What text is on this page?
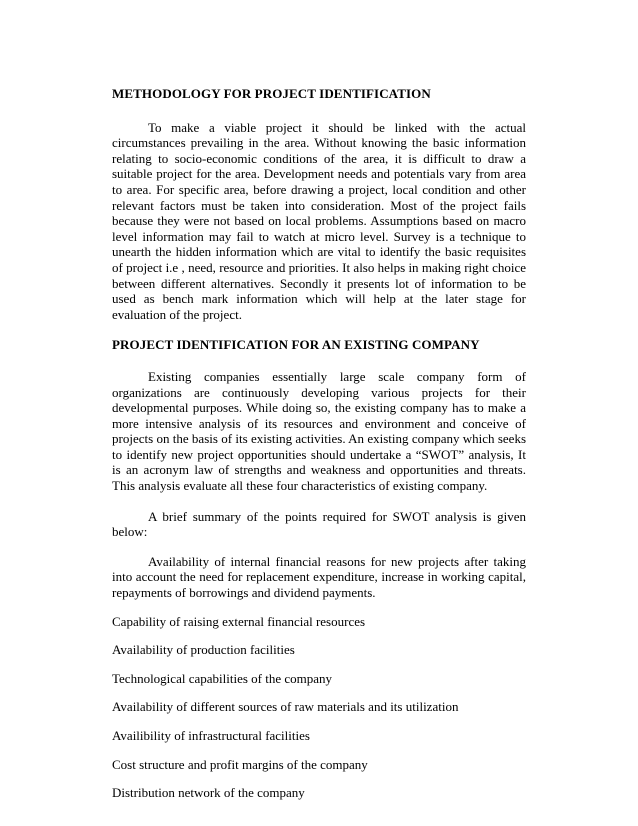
METHODOLOGY FOR PROJECT IDENTIFICATION

To make a viable project it should be linked with the actual circumstances prevailing in the area. Without knowing the basic information relating to socio-economic conditions of the area, it is difficult to draw a suitable project for the area. Development needs and potentials vary from area to area. For specific area, before drawing a project, local condition and other relevant factors must be taken into consideration. Most of the project fails because they were not based on local problems. Assumptions based on macro level information may fail to watch at micro level. Survey is a technique to unearth the hidden information which are vital to identify the basic requisites of project i.e , need, resource and priorities. It also helps in making right choice between different alternatives. Secondly it presents lot of information to be used as bench mark information which will help at the later stage for evaluation of the project.

PROJECT IDENTIFICATION FOR AN EXISTING COMPANY

Existing companies essentially large scale company form of organizations are continuously developing various projects for their developmental purposes. While doing so, the existing company has to make a more intensive analysis of its resources and environment and conceive of projects on the basis of its existing activities. An existing company which seeks to identify new project opportunities should undertake a “SWOT” analysis, It is an acronym law of strengths and weakness and opportunities and threats. This analysis evaluate all these four characteristics of existing company.

A brief summary of the points required for SWOT analysis is given below:

Availability of internal financial reasons for new projects after taking into account the need for replacement expenditure, increase in working capital, repayments of borrowings and dividend payments.

Capability of raising external financial resources

Availability of production facilities

Technological capabilities of the company

Availability of different sources of raw materials and its utilization

Availibility of infrastructural facilities

Cost structure and profit margins of the company

Distribution network of the company
